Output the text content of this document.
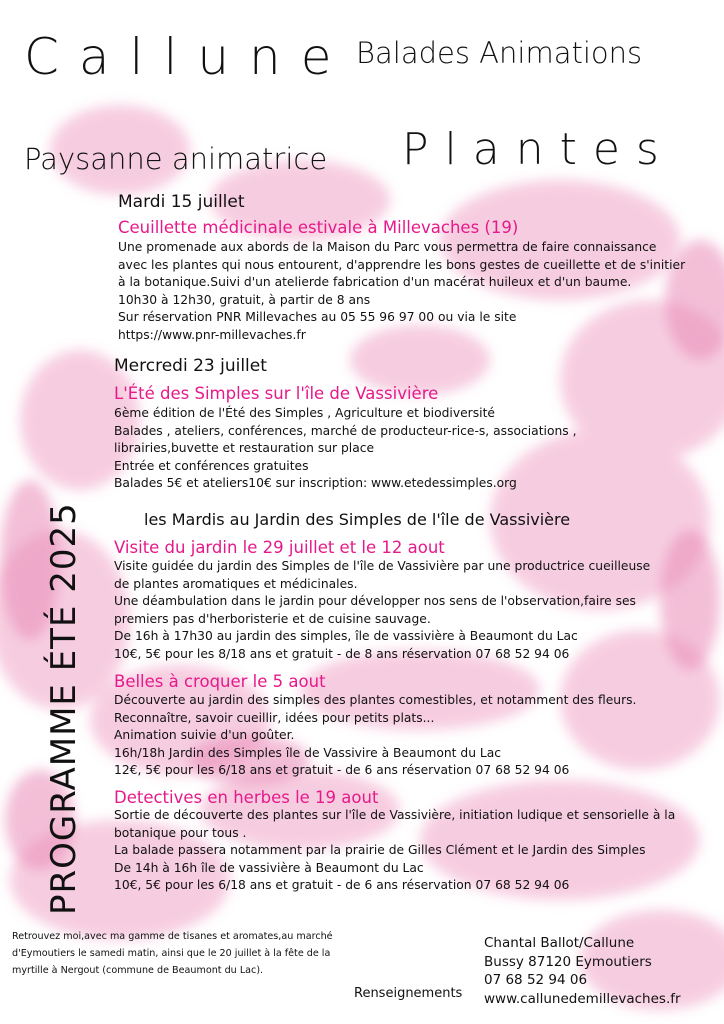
Callune Balades Animations
Paysanne animatrice Plantes
PROGRAMME ÉTÉ 2025
Mardi 15 juillet
Ceuillette médicinale estivale à Millevaches (19)
Une promenade aux abords de la Maison du Parc vous permettra de faire connaissance
avec les plantes qui nous entourent, d'apprendre les bons gestes de cueillette et de s'initier
à la botanique.Suivi d'un atelierde fabrication d'un macérat huileux et d'un baume.
10h30 à 12h30, gratuit, à partir de 8 ans
Sur réservation PNR Millevaches au 05 55 96 97 00 ou via le site
https://www.pnr-millevaches.fr
Mercredi 23 juillet
L'Été des Simples sur l'île de Vassivière
6ème édition de l'Été des Simples , Agriculture et biodiversité
Balades , ateliers, conférences, marché de producteur-rice-s, associations ,
librairies,buvette et restauration sur place
Entrée et conférences gratuites
Balades 5€ et ateliers10€ sur inscription: www.etedessimples.org
les Mardis au Jardin des Simples de l'île de Vassivière
Visite du jardin le 29 juillet et le 12 aout
Visite guidée du jardin des Simples de l'île de Vassivière par une productrice cueilleuse
de plantes aromatiques et médicinales.
Une déambulation dans le jardin pour développer nos sens de l'observation,faire ses
premiers pas d'herboristerie et de cuisine sauvage.
De 16h à 17h30 au jardin des simples, île de vassivière à Beaumont du Lac
10€, 5€ pour les 8/18 ans et gratuit - de 8 ans réservation 07 68 52 94 06
Belles à croquer le 5 aout
Découverte au jardin des simples des plantes comestibles, et notamment des fleurs.
Reconnaître, savoir cueillir, idées pour petits plats...
Animation suivie d'un goûter.
16h/18h Jardin des Simples île de Vassivire à Beaumont du Lac
12€, 5€ pour les 6/18 ans et gratuit - de 6 ans réservation 07 68 52 94 06
Detectives en herbes le 19 aout
Sortie de découverte des plantes sur l'île de Vassivière, initiation ludique et sensorielle à la
botanique pour tous .
La balade passera notamment par la prairie de Gilles Clément et le Jardin des Simples
De 14h à 16h île de vassivière à Beaumont du Lac
10€, 5€ pour les 6/18 ans et gratuit - de 6 ans réservation 07 68 52 94 06
Retrouvez moi,avec ma gamme de tisanes et aromates,au marché d'Eymoutiers le samedi matin, ainsi que le 20 juillet à la fête de la myrtille à Nergout (commune de Beaumont du Lac).
Renseignements
Chantal Ballot/Callune
Bussy 87120 Eymoutiers
07 68 52 94 06
www.callunedemillevaches.fr
